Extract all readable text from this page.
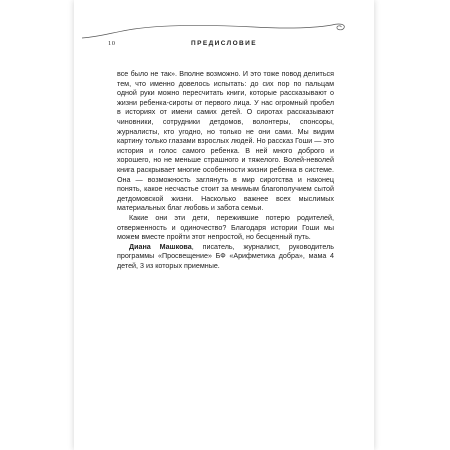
10	ПРЕДИСЛОВИЕ

все было не так». Вполне возможно. И это тоже повод делиться тем, что именно довелось испытать: до сих пор по пальцам одной руки можно пересчитать книги, которые рассказывают о жизни ребенка-сироты от первого лица. У нас огромный пробел в историях от имени самих детей. О сиротах рассказывают чиновники, сотрудники детдомов, волонтеры, спонсоры, журналисты, кто угодно, но только не они сами. Мы видим картину только глазами взрослых людей. Но рассказ Гоши — это история и голос самого ребенка. В ней много доброго и хорошего, но не меньше страшного и тяжелого. Волей-неволей книга раскрывает многие особенности жизни ребенка в системе. Она — возможность заглянуть в мир сиротства и наконец понять, какое несчастье стоит за мнимым благополучием сытой детдомовской жизни. Насколько важнее всех мыслимых материальных благ любовь и забота семьи.

Какие они эти дети, пережившие потерю родителей, отверженность и одиночество? Благодаря истории Гоши мы можем вместе пройти этот непростой, но бесценный путь.

Диана Машкова, писатель, журналист, руководитель программы «Просвещение» БФ «Арифметика добра», мама 4 детей, 3 из которых приемные.
